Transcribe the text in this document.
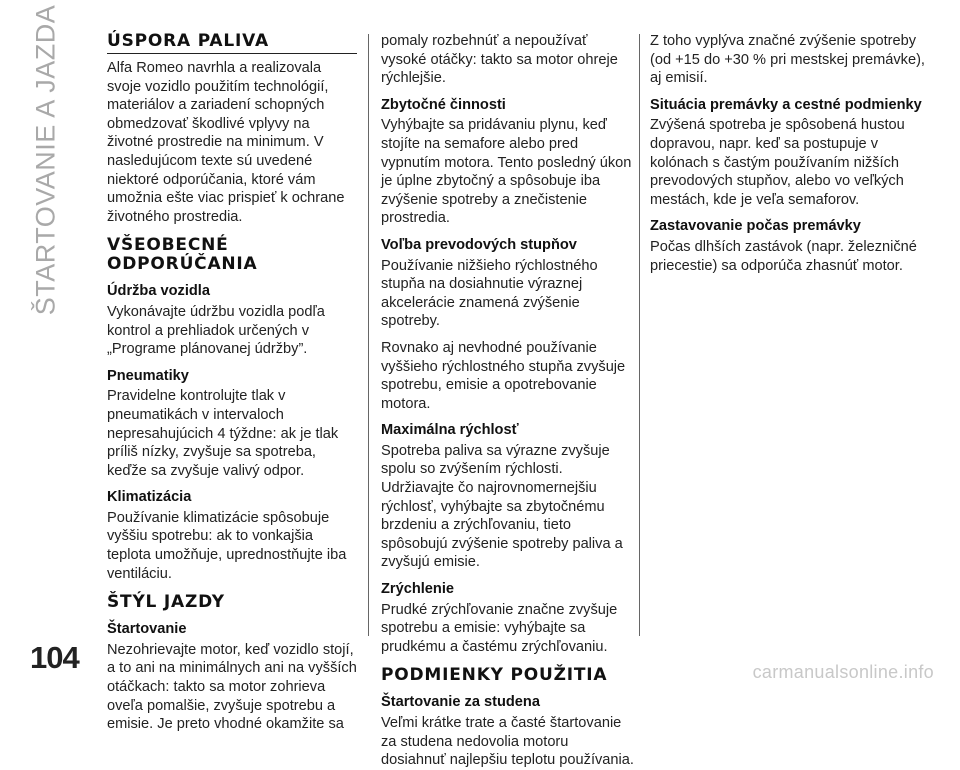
ŠTARTOVANIE A JAZDA	ÚSPORA PALIVA

Alfa Romeo navrhla a realizovala svoje vozidlo použitím technológií, materiálov a zariadení schopných obmedzovať škodlivé vplyvy na životné prostredie na minimum. V nasledujúcom texte sú uvedené niektoré odporúčania, ktoré vám umožnia ešte viac prispieť k ochrane životného prostredia.

VŠEOBECNÉ ODPORÚČANIA
Údržba vozidla

Vykonávajte údržbu vozidla podľa kontrol a prehliadok určených v „Programe plánovanej údržby”.

Pneumatiky

Pravidelne kontrolujte tlak v pneumatikách v intervaloch nepresahujúcich 4 týždne: ak je tlak príliš nízky, zvyšuje sa spotreba, keďže sa zvyšuje valivý odpor.

Klimatizácia

Používanie klimatizácie spôsobuje vyššiu spotrebu: ak to vonkajšia teplota umožňuje, uprednostňujte iba ventiláciu.

ŠTÝL JAZDY
Štartovanie

Nezohrievajte motor, keď vozidlo stojí, a to ani na minimálnych ani na vyšších otáčkach: takto sa motor zohrieva oveľa pomalšie, zvyšuje spotrebu a emisie. Je preto vhodné okamžite sa

pomaly rozbehnúť a nepoužívať vysoké otáčky: takto sa motor ohreje rýchlejšie.

Zbytočné činnosti

Vyhýbajte sa pridávaniu plynu, keď stojíte na semafore alebo pred vypnutím motora. Tento posledný úkon je úplne zbytočný a spôsobuje iba zvýšenie spotreby a znečistenie prostredia.

Voľba prevodových stupňov

Používanie nižšieho rýchlostného stupňa na dosiahnutie výraznej akcelerácie znamená zvýšenie spotreby.

Rovnako aj nevhodné používanie vyššieho rýchlostného stupňa zvyšuje spotrebu, emisie a opotrebovanie motora.

Maximálna rýchlosť

Spotreba paliva sa výrazne zvyšuje spolu so zvýšením rýchlosti. Udržiavajte čo najrovnomernejšiu rýchlosť, vyhýbajte sa zbytočnému brzdeniu a zrýchľovaniu, tieto spôsobujú zvýšenie spotreby paliva a zvyšujú emisie.

Zrýchlenie

Prudké zrýchľovanie značne zvyšuje spotrebu a emisie: vyhýbajte sa prudkému a častému zrýchľovaniu.

PODMIENKY POUŽITIA
Štartovanie za studena

Veľmi krátke trate a časté štartovanie za studena nedovolia motoru dosiahnuť najlepšiu teplotu používania.

Z toho vyplýva značné zvýšenie spotreby (od +15 do +30 % pri mestskej premávke), aj emisií.

Situácia premávky a cestné podmienky

Zvýšená spotreba je spôsobená hustou dopravou, napr. keď sa postupuje v kolónach s častým používaním nižších prevodových stupňov, alebo vo veľkých mestách, kde je veľa semaforov.

Zastavovanie počas premávky

Počas dlhších zastávok (napr. železničné priecestie) sa odporúča zhasnúť motor.

104	carmanualsonline.info
